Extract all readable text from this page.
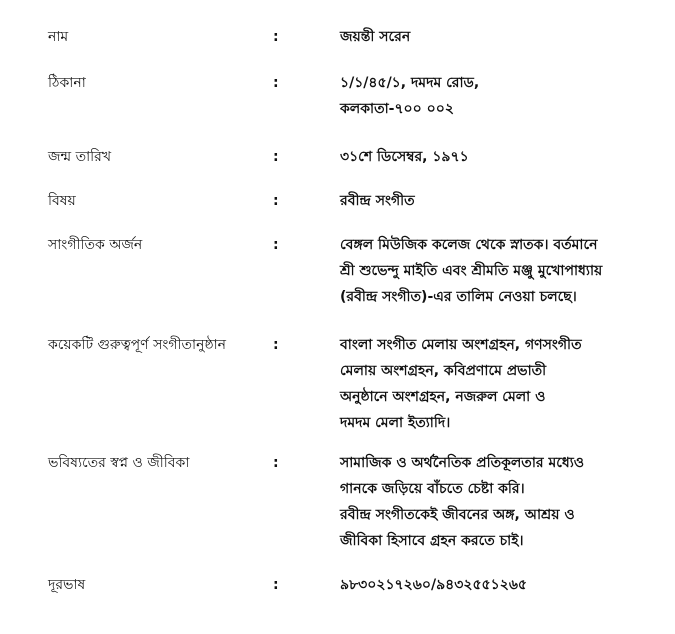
নাম	:	জয়ন্তী সরেন
ঠিকানা	:	১/১/৪৫/১, দমদম রোড,
কলকাতা-৭০০ ০০২
জন্ম তারিখ	:	৩১শে ডিসেম্বর, ১৯৭১
বিষয়	:	রবীন্দ্র সংগীত
সাংগীতিক অর্জন	:	বেঙ্গল মিউজিক কলেজ থেকে স্নাতক। বর্তমানে
শ্রী শুভেন্দু মাইতি এবং শ্রীমতি মঞ্জু মুখোপাধ্যায়
(রবীন্দ্র সংগীত)-এর তালিম নেওয়া চলছে।
কয়েকটি গুরুত্বপূর্ণ সংগীতানুষ্ঠান	:	বাংলা সংগীত মেলায় অংশগ্রহন, গণসংগীত
মেলায় অংশগ্রহন, কবিপ্রণামে প্রভাতী
অনুষ্ঠানে অংশগ্রহন, নজরুল মেলা ও
দমদম মেলা ইত্যাদি।
ভবিষ্যতের স্বপ্ন ও জীবিকা	:	সামাজিক ও অর্থনৈতিক প্রতিকূলতার মধ্যেও
গানকে জড়িয়ে বাঁচতে চেষ্টা করি।
রবীন্দ্র সংগীতকেই জীবনের অঙ্গ, আশ্রয় ও
জীবিকা হিসাবে গ্রহন করতে চাই।
দূরভাষ	:	৯৮৩০২১৭২৬০/৯৪৩২৫৫১২৬৫
